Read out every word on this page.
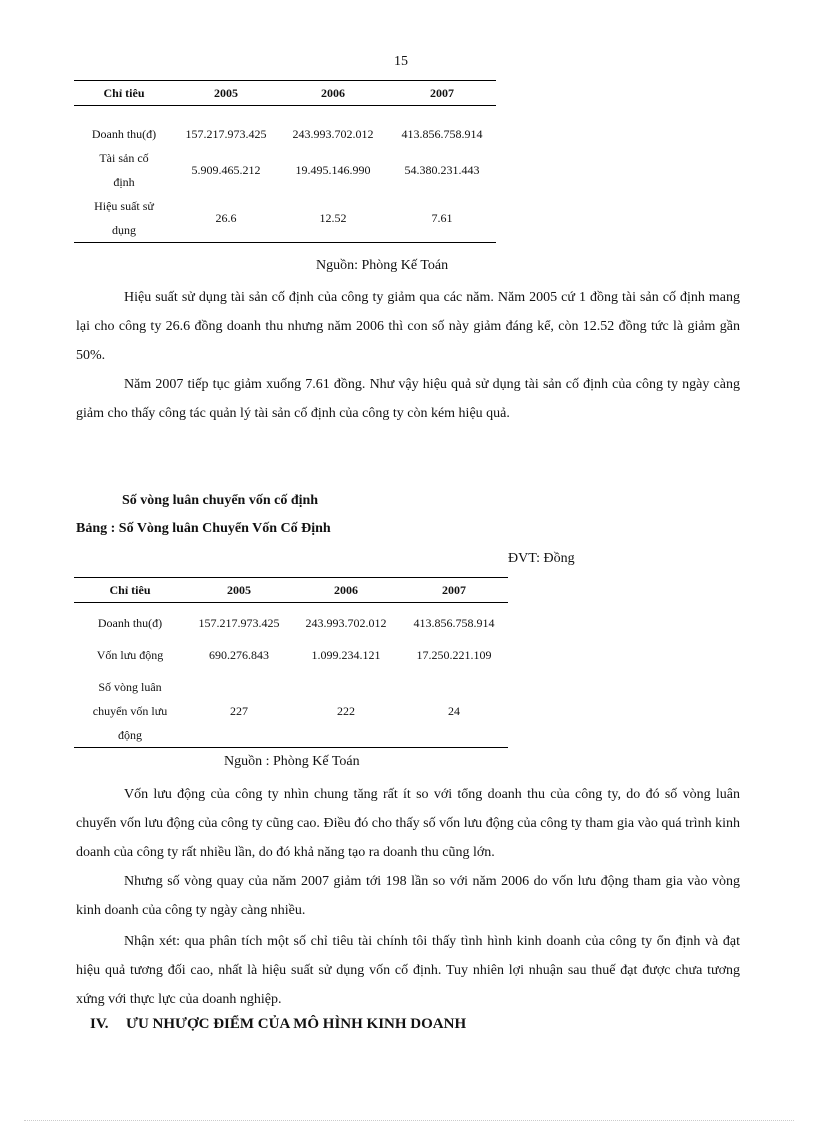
15
Chỉ tiêu	2005	2006	2007
Doanh thu(đ)	157.217.973.425	243.993.702.012	413.856.758.914
Tài sản cố định	5.909.465.212	19.495.146.990	54.380.231.443
Hiệu suất sử dụng	26.6	12.52	7.61
Nguồn: Phòng Kế Toán

Hiệu suất sử dụng tài sản cố định của công ty giảm qua các năm. Năm 2005 cứ 1 đồng tài sản cố định mang lại cho công ty 26.6 đồng doanh thu nhưng năm 2006 thì con số này giảm đáng kể, còn 12.52 đồng tức là giảm gần 50%.

Năm 2007 tiếp tục giảm xuống 7.61 đồng. Như vậy hiệu quả sử dụng tài sản cố định của công ty ngày càng giảm cho thấy công tác quản lý tài sản cố định của công ty còn kém hiệu quả.

Số vòng luân chuyển vốn cố định
Bảng : Số Vòng luân Chuyển Vốn Cố Định
ĐVT: Đồng
Chỉ tiêu	2005	2006	2007
Doanh thu(đ)	157.217.973.425	243.993.702.012	413.856.758.914
Vốn lưu động	690.276.843	1.099.234.121	17.250.221.109
Số vòng luân chuyển vốn lưu động	227	222	24
Nguồn : Phòng Kế Toán

Vốn lưu động của công ty nhìn chung tăng rất ít so với tổng doanh thu của công ty, do đó số vòng luân chuyển vốn lưu động của công ty cũng cao. Điều đó cho thấy số vốn lưu động của công ty tham gia vào quá trình kinh doanh của công ty rất nhiều lần, do đó khả năng tạo ra doanh thu cũng lớn.

Nhưng số vòng quay của năm 2007 giảm tới 198 lần so với năm 2006 do vốn lưu động tham gia vào vòng kinh doanh của công ty ngày càng nhiều.

Nhận xét: qua phân tích một số chỉ tiêu tài chính tôi thấy tình hình kinh doanh của công ty ổn định và đạt hiệu quả tương đối cao, nhất là hiệu suất sử dụng vốn cố định. Tuy nhiên lợi nhuận sau thuế đạt được chưa tương xứng với thực lực của doanh nghiệp.

IV. ƯU NHƯỢC ĐIỂM CỦA MÔ HÌNH KINH DOANH
